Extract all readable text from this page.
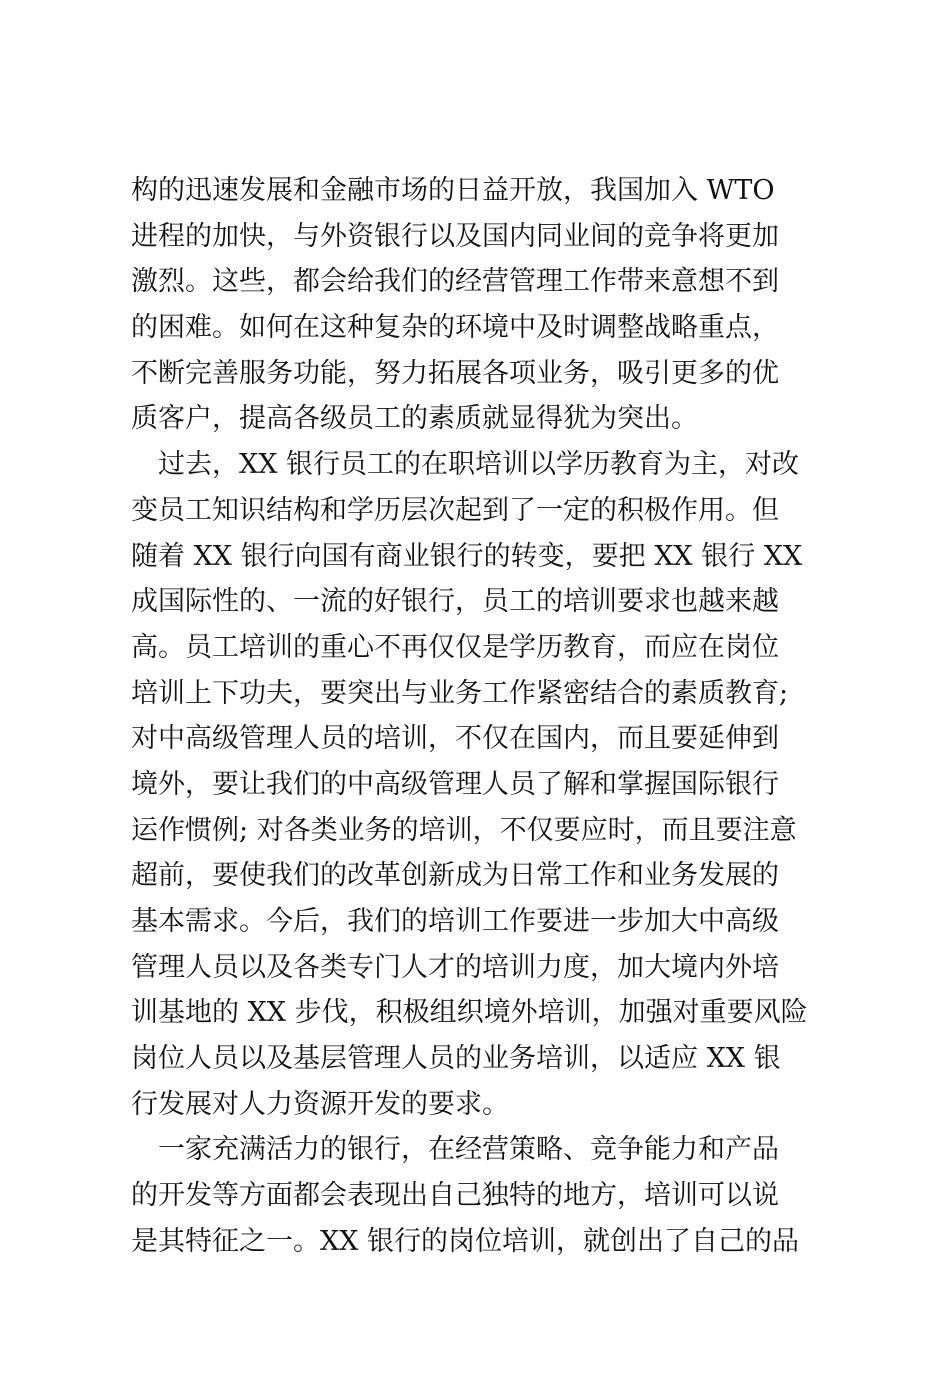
构的迅速发展和金融市场的日益开放，我国加入 WTO
进程的加快，与外资银行以及国内同业间的竞争将更加
激烈。这些，都会给我们的经营管理工作带来意想不到
的困难。如何在这种复杂的环境中及时调整战略重点，
不断完善服务功能，努力拓展各项业务，吸引更多的优
质客户，提高各级员工的素质就显得犹为突出。
过去，XX 银行员工的在职培训以学历教育为主，对改
变员工知识结构和学历层次起到了一定的积极作用。但
随着 XX 银行向国有商业银行的转变，要把 XX 银行 XX
成国际性的、一流的好银行，员工的培训要求也越来越
高。员工培训的重心不再仅仅是学历教育，而应在岗位
培训上下功夫，要突出与业务工作紧密结合的素质教育;
对中高级管理人员的培训，不仅在国内，而且要延伸到
境外，要让我们的中高级管理人员了解和掌握国际银行
运作惯例; 对各类业务的培训，不仅要应时，而且要注意
超前，要使我们的改革创新成为日常工作和业务发展的
基本需求。今后，我们的培训工作要进一步加大中高级
管理人员以及各类专门人才的培训力度，加大境内外培
训基地的 XX 步伐，积极组织境外培训，加强对重要风险
岗位人员以及基层管理人员的业务培训，以适应 XX 银
行发展对人力资源开发的要求。
一家充满活力的银行，在经营策略、竞争能力和产品
的开发等方面都会表现出自己独特的地方，培训可以说
是其特征之一。XX 银行的岗位培训，就创出了自己的品
